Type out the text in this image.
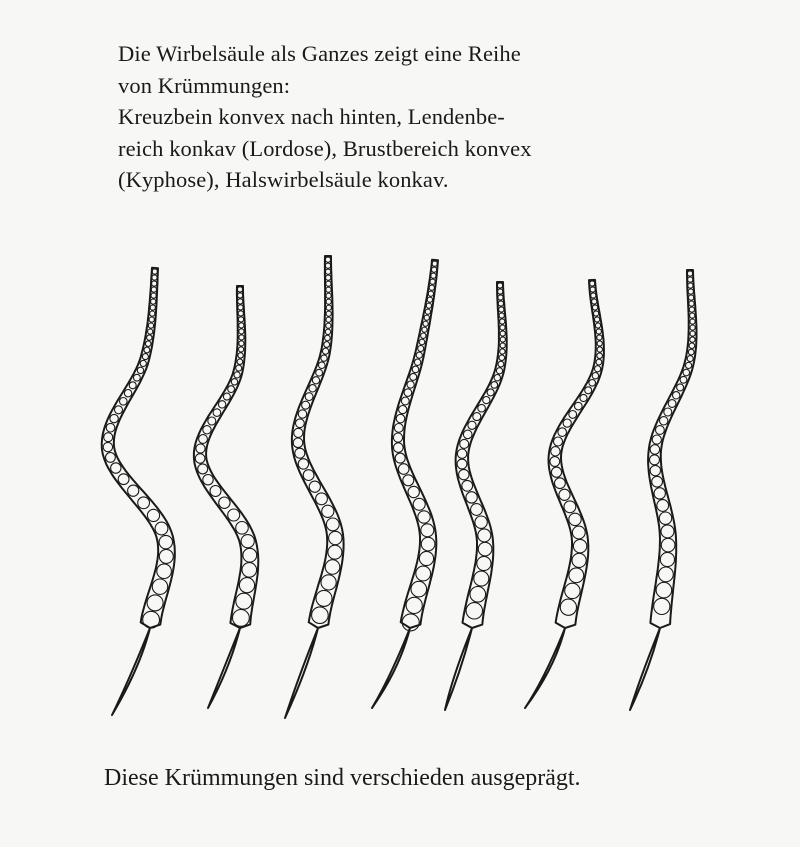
Die Wirbelsäule als Ganzes zeigt eine Reihe
von Krümmungen:
Kreuzbein konvex nach hinten, Lendenbe-
reich konkav (Lordose), Brustbereich konvex
(Kyphose), Halswirbelsäule konkav.
Diese Krümmungen sind verschieden ausgeprägt.
